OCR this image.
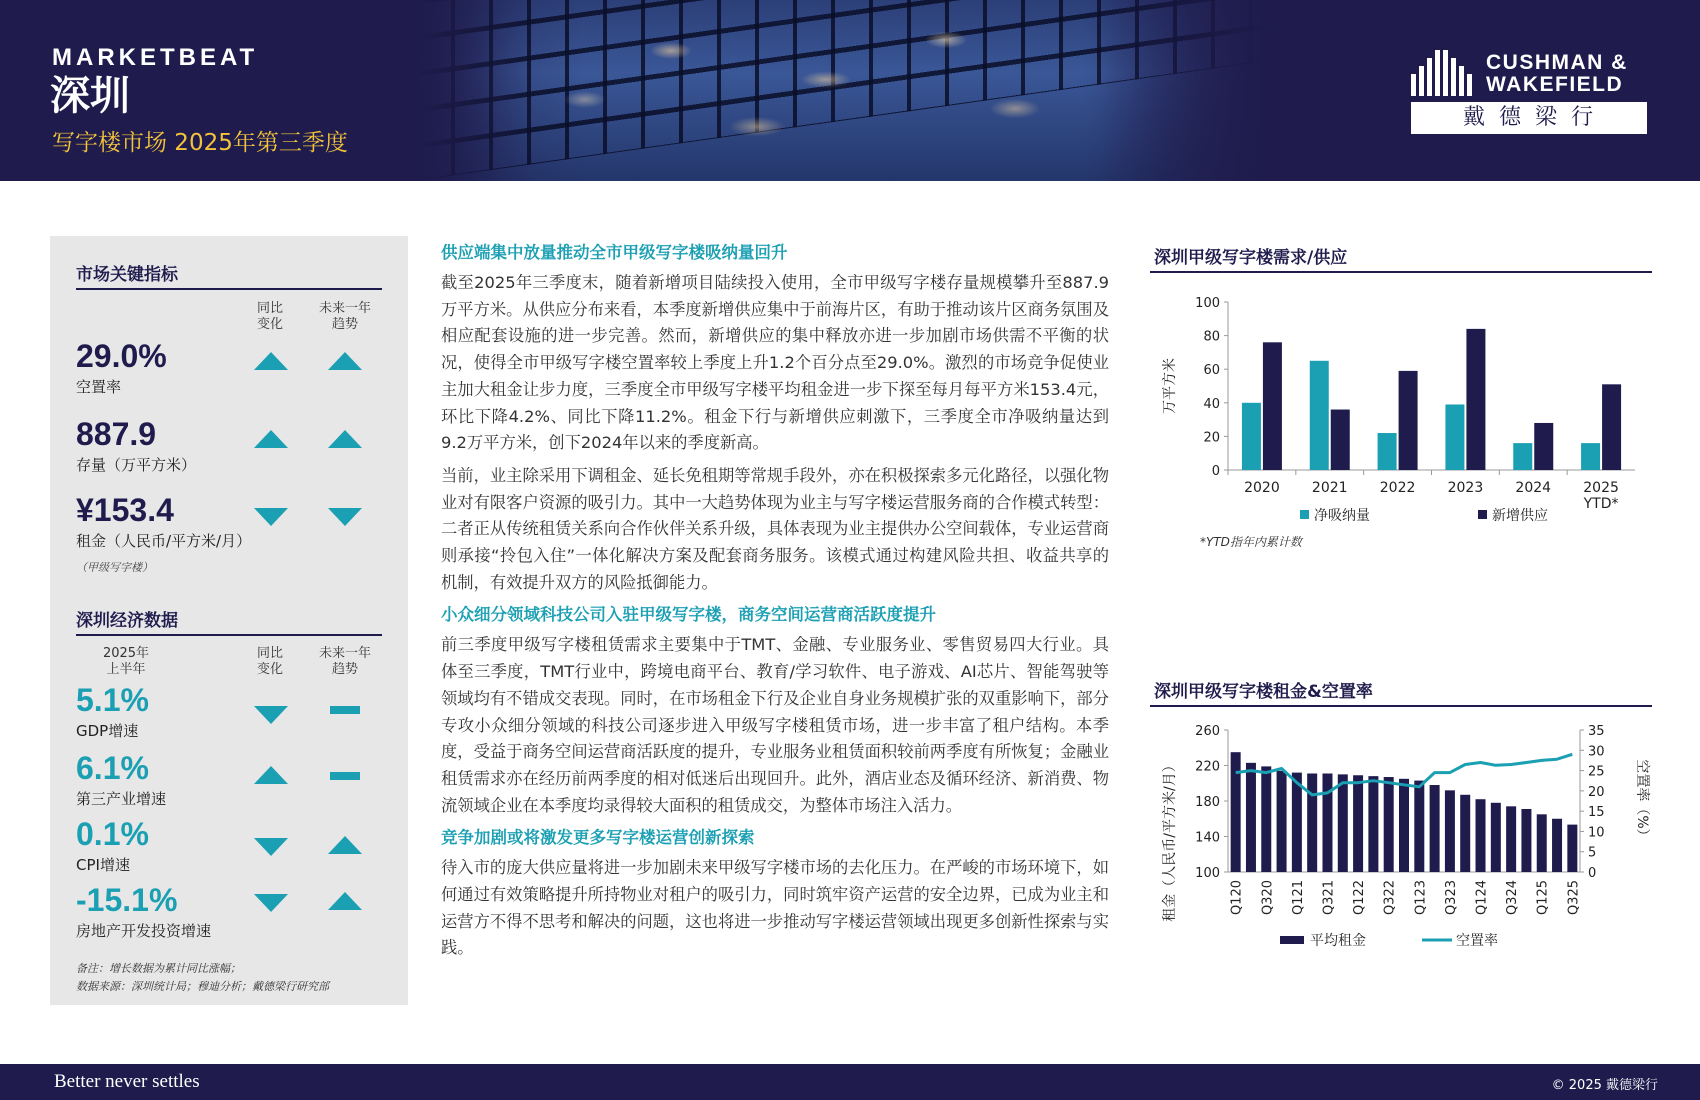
MARKETBEAT
深圳
写字楼市场 2025年第三季度
CUSHMAN &
WAKEFIELD
戴德梁行
市场关键指标
同比
变化
未来一年
趋势
29.0%
空置率
887.9
存量（万平方米）
¥153.4
租金（人民币/平方米/月）
（甲级写字楼）
深圳经济数据
2025年
上半年
同比
变化
未来一年
趋势
5.1%
GDP增速
6.1%
第三产业增速
0.1%
CPI增速
-15.1%
房地产开发投资增速
备注：增长数据为累计同比涨幅；
数据来源：深圳统计局；穆迪分析；戴德梁行研究部
供应端集中放量推动全市甲级写字楼吸纳量回升

截至2025年三季度末，随着新增项目陆续投入使用，全市甲级写字楼存量规模攀升至887.9万平方米。从供应分布来看，本季度新增供应集中于前海片区，有助于推动该片区商务氛围及相应配套设施的进一步完善。然而，新增供应的集中释放亦进一步加剧市场供需不平衡的状况，使得全市甲级写字楼空置率较上季度上升1.2个百分点至29.0%。激烈的市场竞争促使业主加大租金让步力度，三季度全市甲级写字楼平均租金进一步下探至每月每平方米153.4元，环比下降4.2%、同比下降11.2%。租金下行与新增供应刺激下，三季度全市净吸纳量达到9.2万平方米，创下2024年以来的季度新高。

当前，业主除采用下调租金、延长免租期等常规手段外，亦在积极探索多元化路径，以强化物业对有限客户资源的吸引力。其中一大趋势体现为业主与写字楼运营服务商的合作模式转型：二者正从传统租赁关系向合作伙伴关系升级，具体表现为业主提供办公空间载体，专业运营商则承接“拎包入住”一体化解决方案及配套商务服务。该模式通过构建风险共担、收益共享的机制，有效提升双方的风险抵御能力。

小众细分领域科技公司入驻甲级写字楼，商务空间运营商活跃度提升

前三季度甲级写字楼租赁需求主要集中于TMT、金融、专业服务业、零售贸易四大行业。具体至三季度，TMT行业中，跨境电商平台、教育/学习软件、电子游戏、AI芯片、智能驾驶等领域均有不错成交表现。同时，在市场租金下行及企业自身业务规模扩张的双重影响下，部分专攻小众细分领域的科技公司逐步进入甲级写字楼租赁市场，进一步丰富了租户结构。本季度，受益于商务空间运营商活跃度的提升，专业服务业租赁面积较前两季度有所恢复；金融业租赁需求亦在经历前两季度的相对低迷后出现回升。此外，酒店业态及循环经济、新消费、物流领域企业在本季度均录得较大面积的租赁成交，为整体市场注入活力。

竞争加剧或将激发更多写字楼运营创新探索

待入市的庞大供应量将进一步加剧未来甲级写字楼市场的去化压力。在严峻的市场环境下，如何通过有效策略提升所持物业对租户的吸引力，同时筑牢资产运营的安全边界，已成为业主和运营方不得不思考和解决的问题，这也将进一步推动写字楼运营领域出现更多创新性探索与实践。

深圳甲级写字楼需求/供应
0
20
40
60
80
100
万平方米
2020 2021 2022 2023 2024 2025
YTD*
净吸纳量	新增供应
*YTD指年内累计数
深圳甲级写字楼租金&空置率
100
140
180
220
260
0
5
10
15
20
25
30
35
租金（人民币/平方米/月）	空置率（%）
Q120 Q320 Q121 Q321 Q122 Q322 Q123 Q323 Q124 Q324 Q125 Q325
平均租金	空置率
Better never settles	© 2025 戴德梁行
